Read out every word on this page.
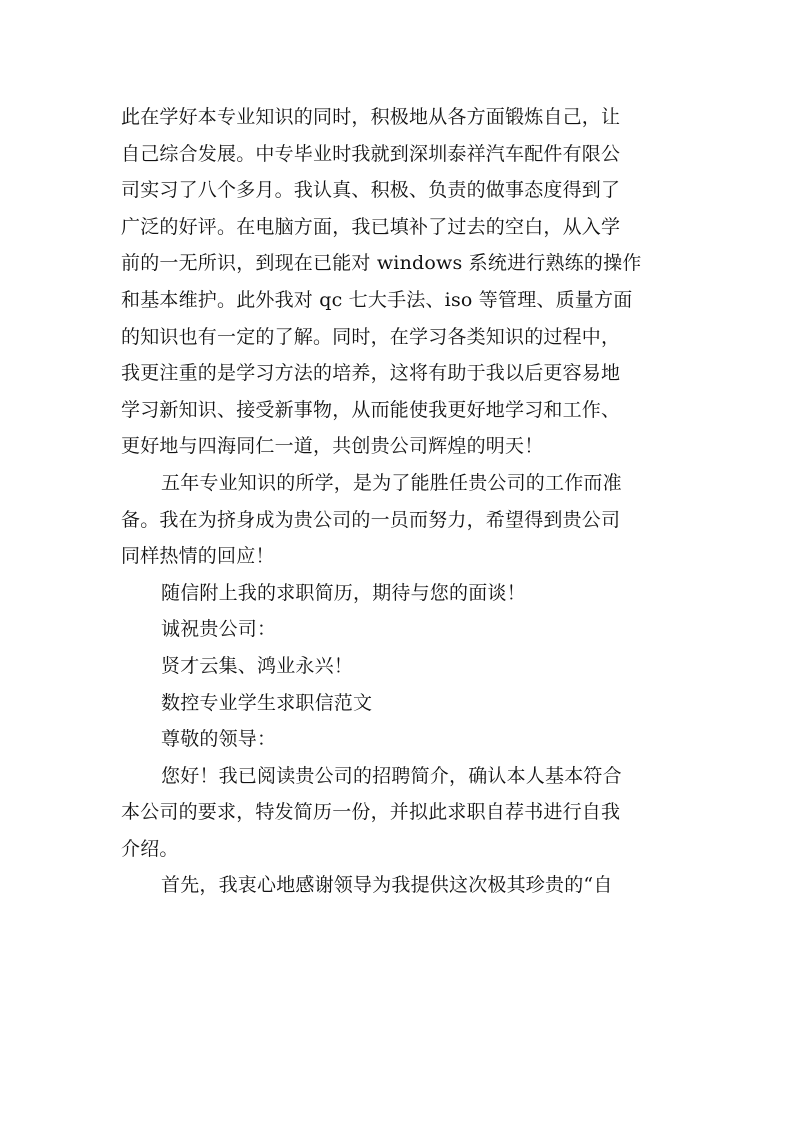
此在学好本专业知识的同时，积极地从各方面锻炼自己，让
自己综合发展。中专毕业时我就到深圳泰祥汽车配件有限公
司实习了八个多月。我认真、积极、负责的做事态度得到了
广泛的好评。在电脑方面，我已填补了过去的空白，从入学
前的一无所识，到现在已能对 windows 系统进行熟练的操作
和基本维护。此外我对 qc 七大手法、iso 等管理、质量方面
的知识也有一定的了解。同时，在学习各类知识的过程中，
我更注重的是学习方法的培养，这将有助于我以后更容易地
学习新知识、接受新事物，从而能使我更好地学习和工作、
更好地与四海同仁一道，共创贵公司辉煌的明天！

五年专业知识的所学，是为了能胜任贵公司的工作而准
备。我在为挤身成为贵公司的一员而努力，希望得到贵公司
同样热情的回应！

随信附上我的求职简历，期待与您的面谈！

诚祝贵公司：

贤才云集、鸿业永兴！

数控专业学生求职信范文

尊敬的领导：

您好！我已阅读贵公司的招聘简介，确认本人基本符合
本公司的要求，特发简历一份，并拟此求职自荐书进行自我
介绍。

首先，我衷心地感谢领导为我提供这次极其珍贵的“自
